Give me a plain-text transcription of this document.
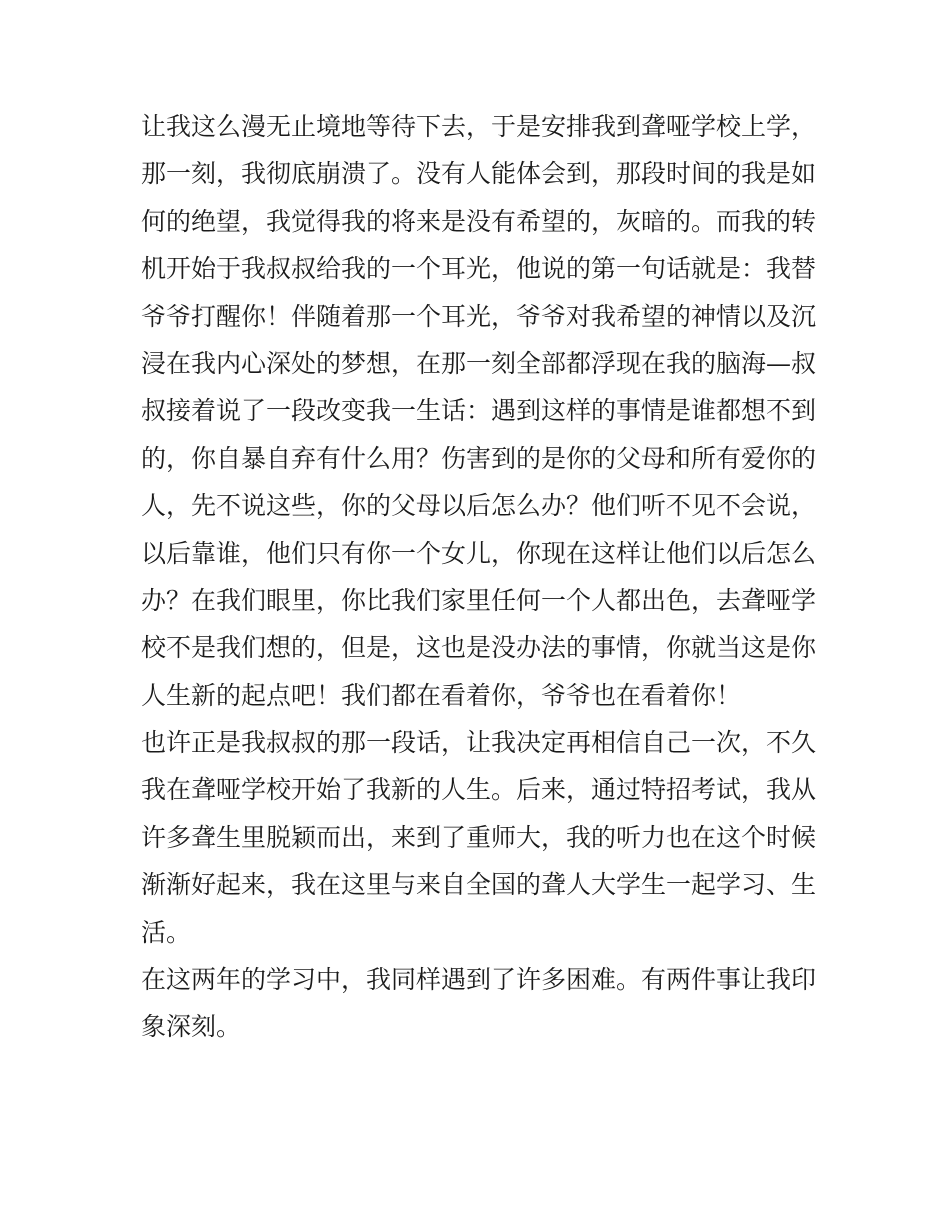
让我这么漫无止境地等待下去，于是安排我到聋哑学校上学，
那一刻，我彻底崩溃了。没有人能体会到，那段时间的我是如
何的绝望，我觉得我的将来是没有希望的，灰暗的。而我的转
机开始于我叔叔给我的一个耳光，他说的第一句话就是：我替
爷爷打醒你！伴随着那一个耳光，爷爷对我希望的神情以及沉
浸在我内心深处的梦想，在那一刻全部都浮现在我的脑海—叔
叔接着说了一段改变我一生话：遇到这样的事情是谁都想不到
的，你自暴自弃有什么用？伤害到的是你的父母和所有爱你的
人，先不说这些，你的父母以后怎么办？他们听不见不会说，
以后靠谁，他们只有你一个女儿，你现在这样让他们以后怎么
办？在我们眼里，你比我们家里任何一个人都出色，去聋哑学
校不是我们想的，但是，这也是没办法的事情，你就当这是你
人生新的起点吧！我们都在看着你，爷爷也在看着你！
也许正是我叔叔的那一段话，让我决定再相信自己一次，不久
我在聋哑学校开始了我新的人生。后来，通过特招考试，我从
许多聋生里脱颖而出，来到了重师大，我的听力也在这个时候
渐渐好起来，我在这里与来自全国的聋人大学生一起学习、生
活。
在这两年的学习中，我同样遇到了许多困难。有两件事让我印
象深刻。
